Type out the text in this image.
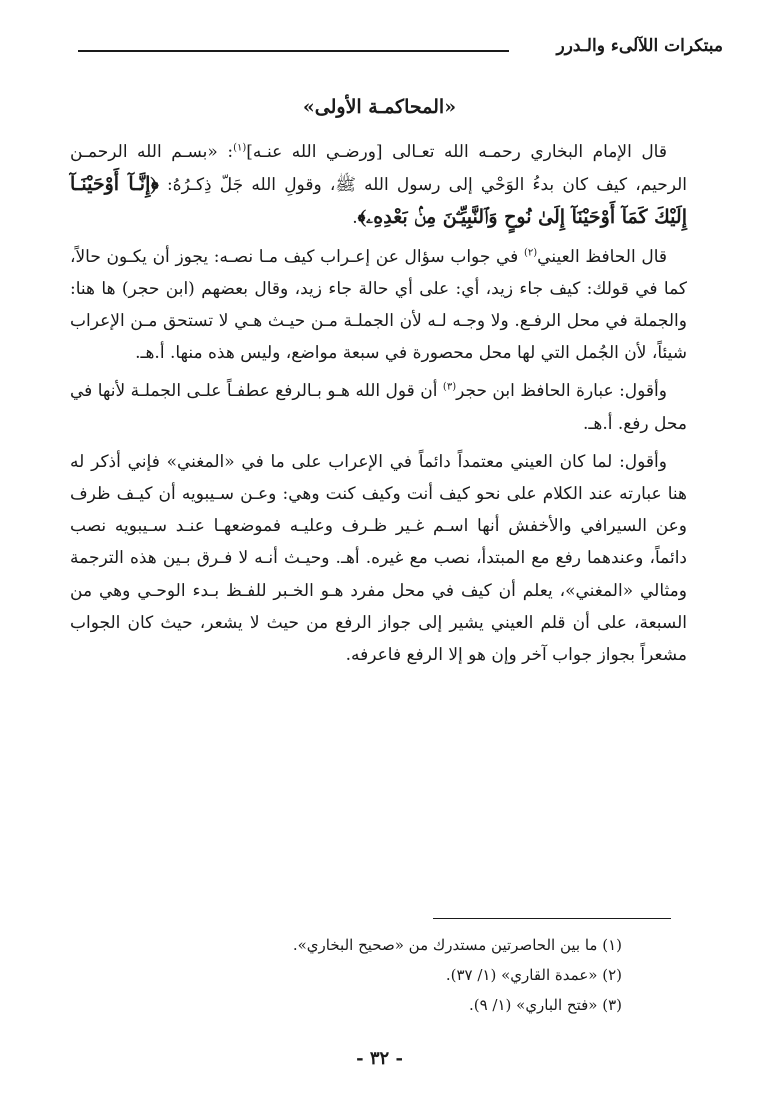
مبتكرات اللآلىء والـدرر
«المحاكمـة الأولى»

قال الإمام البخاري رحمـه الله تعـالى [ورضـي الله عنـه]$^{(١)}$: «بسـم الله الرحمـن الرحيم، كيف كان بدءُ الوَحْي إلى رسول الله ﷺ، وقولِ الله جَلّ ذِكـرُهُ: ﴿إِنَّـآ أَوْحَيْنَـآ إِلَيْكَ كَمَآ أَوْحَيْنَآ إِلَىٰ نُوحٍ وَٱلنَّبِيِّـۧنَ مِنۢ بَعْدِهِۦ﴾.

قال الحافظ العيني$^{(٢)}$ في جواب سؤال عن إعـراب كيف مـا نصـه: يجوز أن يكـون حالاً، كما في قولك: كيف جاء زيد، أي: على أي حالة جاء زيد، وقال بعضهم (ابن حجر) ها هنا: والجملة في محل الرفـع. ولا وجـه لـه لأن الجملـة مـن حيـث هـي لا تستحق مـن الإعراب شيئاً، لأن الجُمل التي لها محل محصورة في سبعة مواضع، وليس هذه منها. أ.هـ.

وأقول: عبارة الحافظ ابن حجر$^{(٣)}$ أن قول الله هـو بـالرفع عطفـاً علـى الجملـة لأنها في محل رفع. أ.هـ.

وأقول: لما كان العيني معتمداً دائماً في الإعراب على ما في «المغني» فإني أذكر له هنا عبارته عند الكلام على نحو كيف أنت وكيف كنت وهي: وعـن سـيبويه أن كيـف ظرف وعن السيرافي والأخفش أنها اسـم غـير ظـرف وعليـه فموضعهـا عنـد سـيبويه نصب دائماً، وعندهما رفع مع المبتدأ، نصب مع غيره. أهـ. وحيـث أنـه لا فـرق بـين هذه الترجمة ومثالي «المغني»، يعلم أن كيف في محل مفرد هـو الخـبر للفـظ بـدء الوحـي وهي من السبعة، على أن قلم العيني يشير إلى جواز الرفع من حيث لا يشعر، حيث كان الجواب مشعراً بجواز جواب آخر وإن هو إلا الرفع فاعرفه.

(١) ما بين الحاصرتين مستدرك من «صحيح البخاري».
(٢) «عمدة القاري» (١/ ٣٧).
(٣) «فتح الباري» (١/ ٩).
- ٣٢ -
